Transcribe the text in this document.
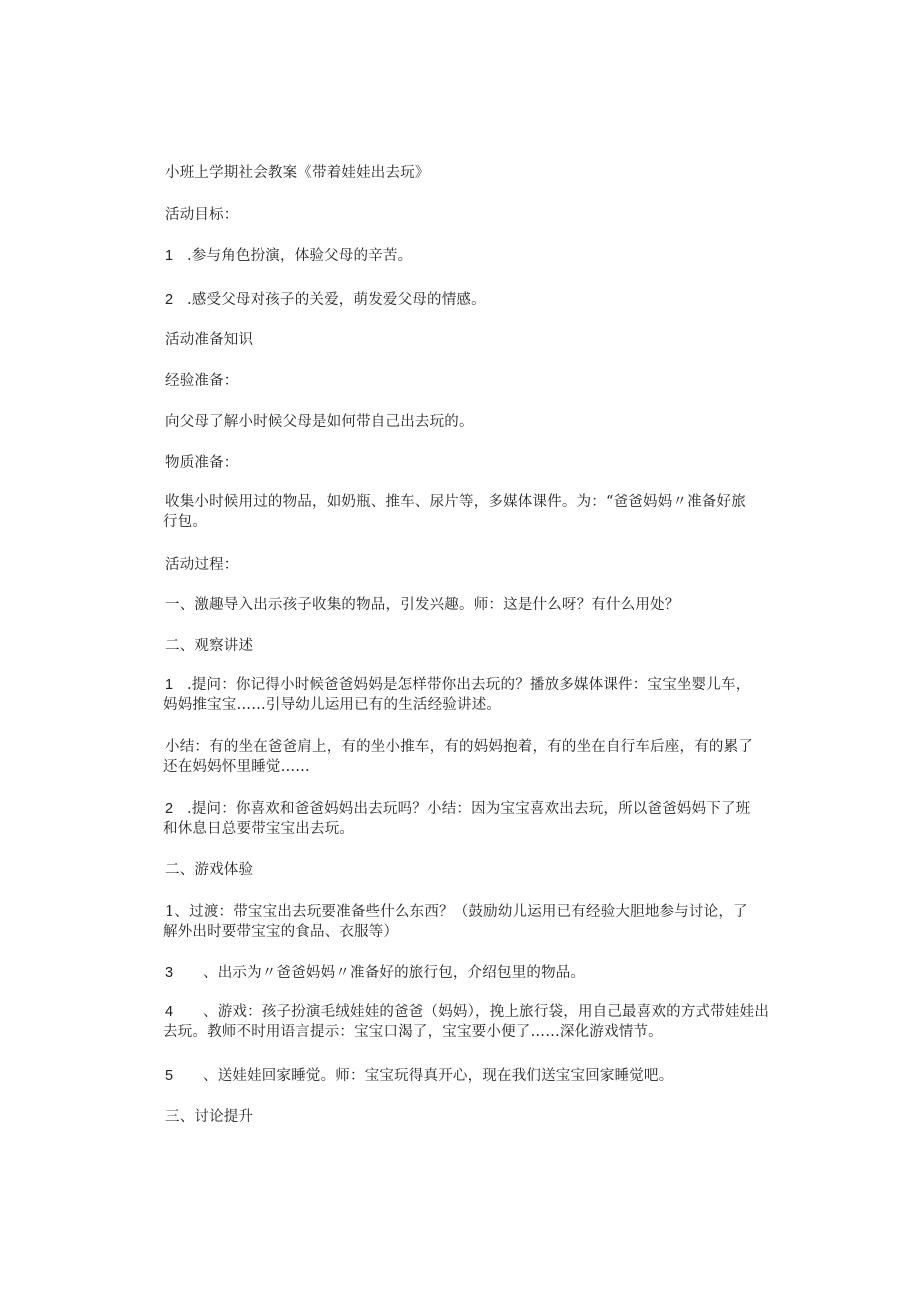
小班上学期社会教案《带着娃娃出去玩》
活动目标：
1 .参与角色扮演，体验父母的辛苦。
2 .感受父母对孩子的关爱，萌发爱父母的情感。
活动准备知识
经验准备：
向父母了解小时候父母是如何带自己出去玩的。
物质准备：
收集小时候用过的物品，如奶瓶、推车、尿片等，多媒体课件。为：“爸爸妈妈〃准备好旅
行包。
活动过程：
一、激趣导入出示孩子收集的物品，引发兴趣。师：这是什么呀？有什么用处？
二、观察讲述
1 .提问：你记得小时候爸爸妈妈是怎样带你出去玩的？播放多媒体课件：宝宝坐婴儿车，
妈妈推宝宝……引导幼儿运用已有的生活经验讲述。
小结：有的坐在爸爸肩上，有的坐小推车，有的妈妈抱着，有的坐在自行车后座，有的累了
还在妈妈怀里睡觉……
2 .提问：你喜欢和爸爸妈妈出去玩吗？小结：因为宝宝喜欢出去玩，所以爸爸妈妈下了班
和休息日总要带宝宝出去玩。
二、游戏体验
1、过渡：带宝宝出去玩要准备些什么东西？（鼓励幼儿运用已有经验大胆地参与讨论，了
解外出时要带宝宝的食品、衣服等）
3 、出示为〃爸爸妈妈〃准备好的旅行包，介绍包里的物品。
4 、游戏：孩子扮演毛绒娃娃的爸爸（妈妈），挽上旅行袋，用自己最喜欢的方式带娃娃出
去玩。教师不时用语言提示：宝宝口渴了，宝宝要小便了……深化游戏情节。
5 、送娃娃回家睡觉。师：宝宝玩得真开心，现在我们送宝宝回家睡觉吧。
三、讨论提升
